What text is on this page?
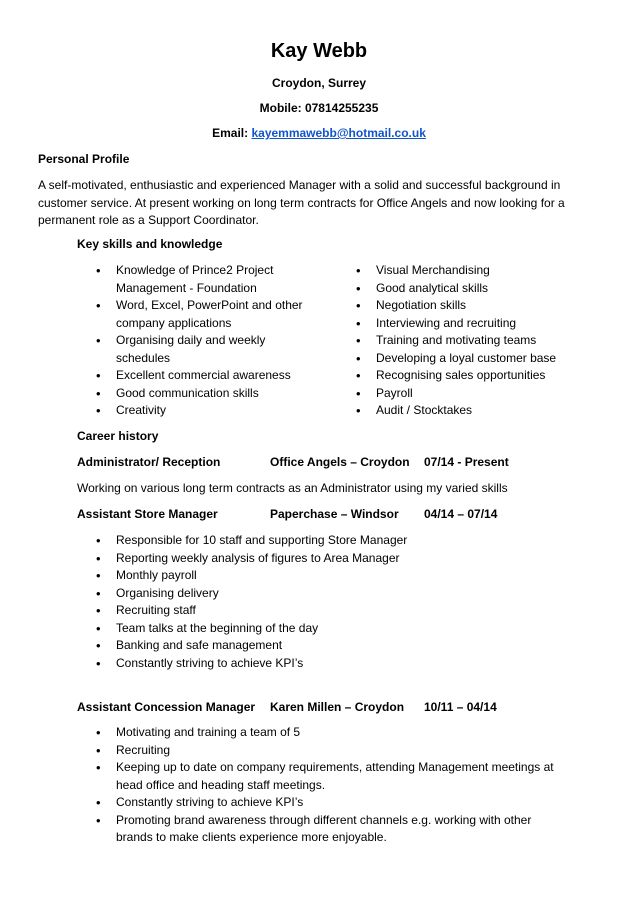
Kay Webb
Croydon, Surrey
Mobile: 07814255235
Email: kayemmawebb@hotmail.co.uk
Personal Profile
A self-motivated, enthusiastic and experienced Manager with a solid and successful background in customer service. At present working on long term contracts for Office Angels and now looking for a permanent role as a Support Coordinator.
Key skills and knowledge
• Knowledge of Prince2 Project Management - Foundation
• Word, Excel, PowerPoint and other company applications
• Organising daily and weekly schedules
• Excellent commercial awareness
• Good communication skills
• Creativity
• Visual Merchandising
• Good analytical skills
• Negotiation skills
• Interviewing and recruiting
• Training and motivating teams
• Developing a loyal customer base
• Recognising sales opportunities
• Payroll
• Audit / Stocktakes
Career history
Administrator/ Reception	Office Angels – Croydon 07/14 - Present
Working on various long term contracts as an Administrator using my varied skills
Assistant Store Manager	Paperchase – Windsor 04/14 – 07/14
• Responsible for 10 staff and supporting Store Manager
• Reporting weekly analysis of figures to Area Manager
• Monthly payroll
• Organising delivery
• Recruiting staff
• Team talks at the beginning of the day
• Banking and safe management
• Constantly striving to achieve KPI’s
Assistant Concession Manager Karen Millen – Croydon 10/11 – 04/14
• Motivating and training a team of 5
• Recruiting
• Keeping up to date on company requirements, attending Management meetings at head office and heading staff meetings.
• Constantly striving to achieve KPI’s
• Promoting brand awareness through different channels e.g. working with other brands to make clients experience more enjoyable.
